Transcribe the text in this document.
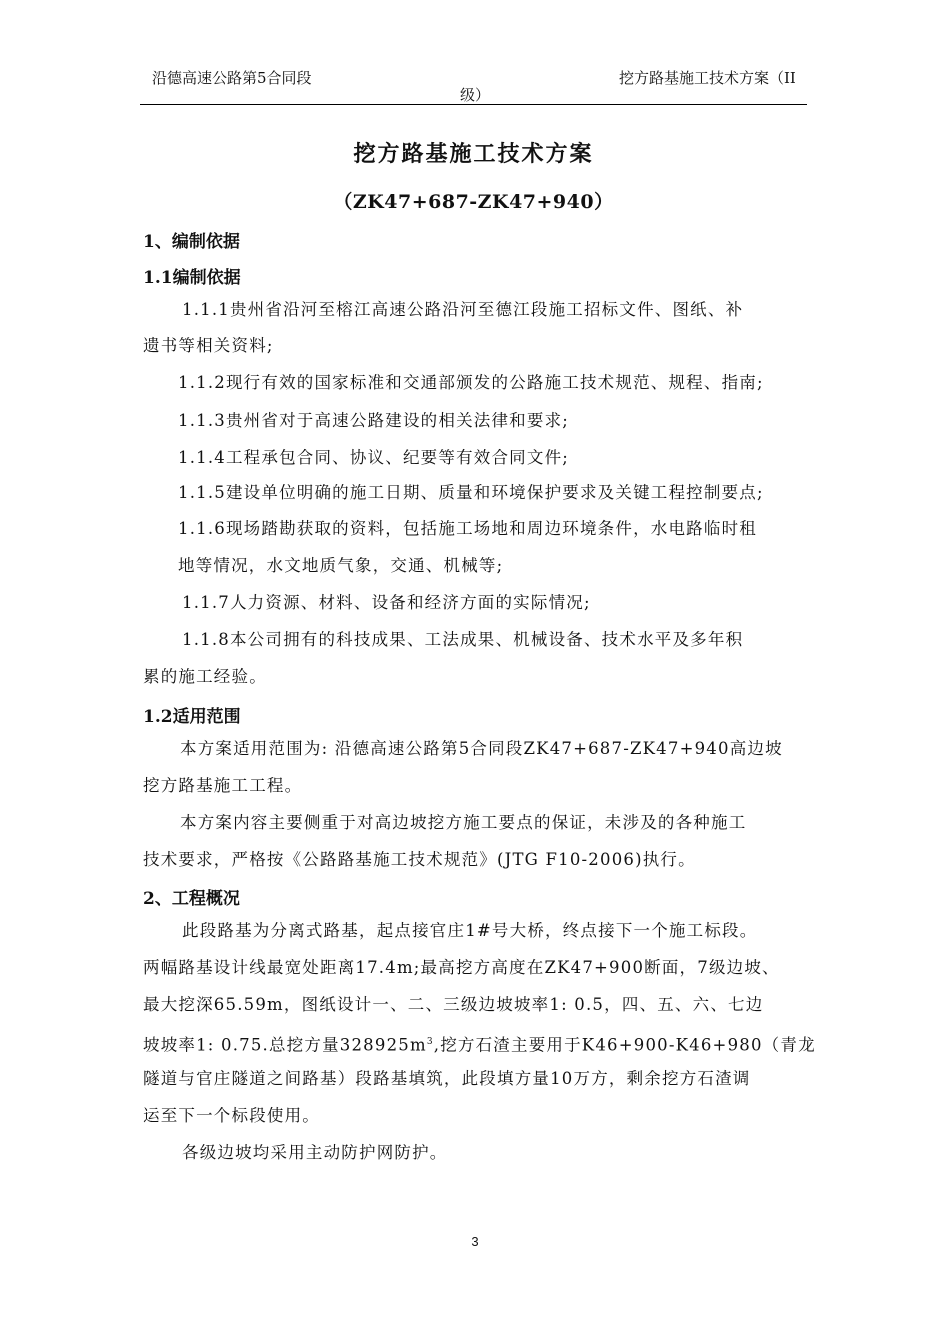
沿德高速公路第5合同段	挖方路基施工技术方案（II
级）
挖方路基施工技术方案
（ZK47+687-ZK47+940）
1、编制依据
1.1编制依据
1.1.1贵州省沿河至榕江高速公路沿河至德江段施工招标文件、图纸、补
遗书等相关资料;
1.1.2现行有效的国家标准和交通部颁发的公路施工技术规范、规程、指南;
1.1.3贵州省对于高速公路建设的相关法律和要求;
1.1.4工程承包合同、协议、纪要等有效合同文件;
1.1.5建设单位明确的施工日期、质量和环境保护要求及关键工程控制要点;
1.1.6现场踏勘获取的资料，包括施工场地和周边环境条件，水电路临时租
地等情况，水文地质气象，交通、机械等;
1.1.7人力资源、材料、设备和经济方面的实际情况;
1.1.8本公司拥有的科技成果、工法成果、机械设备、技术水平及多年积
累的施工经验。
1.2适用范围
本方案适用范围为: 沿德高速公路第5合同段ZK47+687-ZK47+940高边坡
挖方路基施工工程。
本方案内容主要侧重于对高边坡挖方施工要点的保证，未涉及的各种施工
技术要求，严格按《公路路基施工技术规范》(JTG F10-2006)执行。
2、工程概况
此段路基为分离式路基，起点接官庄1#号大桥，终点接下一个施工标段。
两幅路基设计线最宽处距离17.4m;最高挖方高度在ZK47+900断面，7级边坡、
最大挖深65.59m，图纸设计一、二、三级边坡坡率1: 0.5，四、五、六、七边
坡坡率1: 0.75.总挖方量$328925m^3$,挖方石渣主要用于K46+900-K46+980（青龙
隧道与官庄隧道之间路基）段路基填筑，此段填方量10万方，剩余挖方石渣调
运至下一个标段使用。
各级边坡均采用主动防护网防护。
3
